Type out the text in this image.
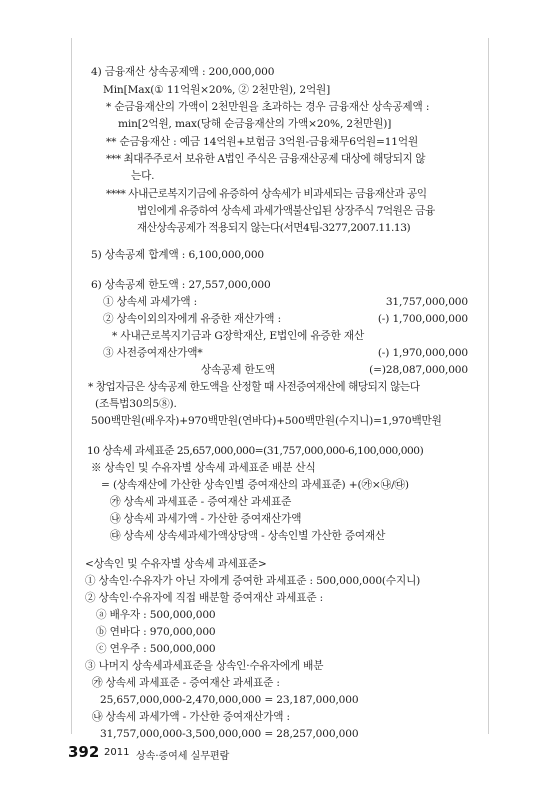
4) 금융재산 상속공제액 : 200,000,000
Min[Max(① 11억원×20%, ② 2천만원), 2억원]
* 순금융재산의 가액이 2천만원을 초과하는 경우 금융재산 상속공제액 :
min[2억원, max(당해 순금융재산의 가액×20%, 2천만원)]
** 순금융재산 : 예금 14억원+보험금 3억원-금융채무6억원=11억원
*** 최대주주로서 보유한 A법인 주식은 금융재산공제 대상에 해당되지 않
는다.
**** 사내근로복지기금에 유증하여 상속세가 비과세되는 금융재산과 공익
법인에게 유증하여 상속세 과세가액불산입된 상장주식 7억원은 금융
재산상속공제가 적용되지 않는다(서면4팀-3277,2007.11.13)
5) 상속공제 합계액 : 6,100,000,000
6) 상속공제 한도액 : 27,557,000,000
① 상속세 과세가액 :	31,757,000,000
② 상속이외의자에게 유증한 재산가액 :	(-) 1,700,000,000
* 사내근로복지기금과 G장학재산, E법인에 유증한 재산
③ 사전증여재산가액*	(-) 1,970,000,000
상속공제 한도액	(=)28,087,000,000
* 창업자금은 상속공제 한도액을 산정할 때 사전증여재산에 해당되지 않는다
(조특법30의5⑧).
500백만원(배우자)+970백만원(연바다)+500백만원(수지니)=1,970백만원
10 상속세 과세표준 25,657,000,000=(31,757,000,000-6,100,000,000)
※ 상속인 및 수유자별 상속세 과세표준 배분 산식
= (상속재산에 가산한 상속인별 증여재산의 과세표준) +(㉮×㉯/㉰)
㉮ 상속세 과세표준 - 증여재산 과세표준
㉯ 상속세 과세가액 - 가산한 증여재산가액
㉰ 상속세 상속세과세가액상당액 - 상속인별 가산한 증여재산
<상속인 및 수유자별 상속세 과세표준>
① 상속인·수유자가 아닌 자에게 증여한 과세표준 : 500,000,000(수지니)
② 상속인·수유자에 직접 배분할 증여재산 과세표준 :
ⓐ 배우자 : 500,000,000
ⓑ 연바다 : 970,000,000
ⓒ 연우주 : 500,000,000
③ 나머지 상속세과세표준을 상속인·수유자에게 배분
㉮ 상속세 과세표준 - 증여재산 과세표준 :
25,657,000,000-2,470,000,000 = 23,187,000,000
㉯ 상속세 과세가액 - 가산한 증여재산가액 :
31,757,000,000-3,500,000,000 = 28,257,000,000
392 2011 상속·증여세 실무편람
